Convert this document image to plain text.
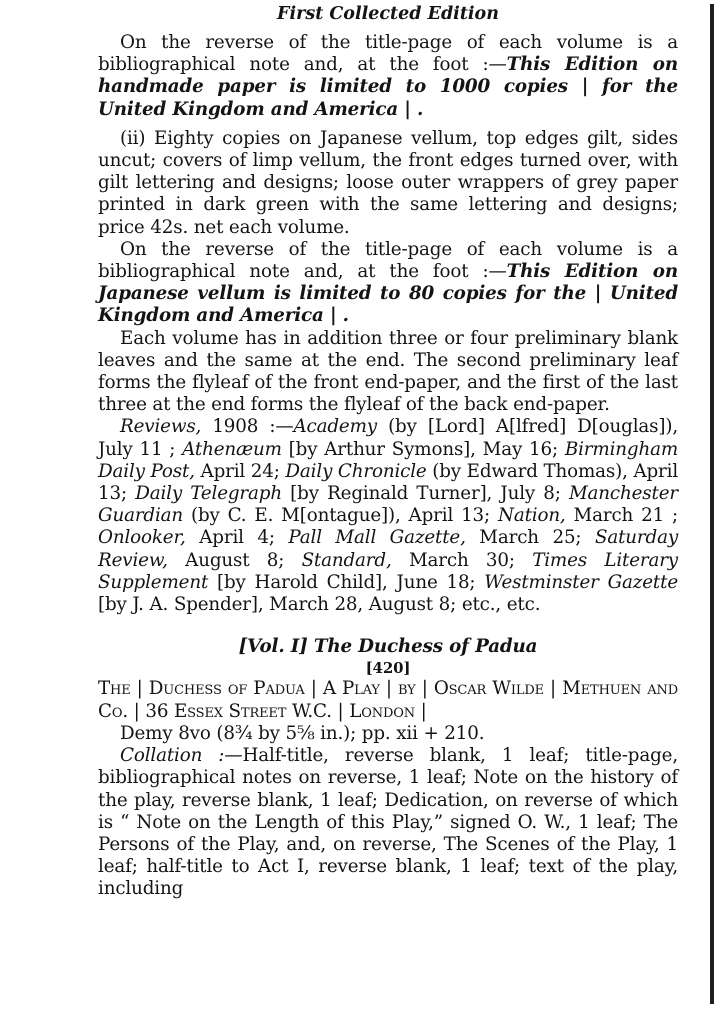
First Collected Edition

On the reverse of the title-page of each volume is a bibliographical note and, at the foot :—This Edition on handmade paper is limited to 1000 copies | for the United Kingdom and America | .

(ii) Eighty copies on Japanese vellum, top edges gilt, sides uncut; covers of limp vellum, the front edges turned over, with gilt lettering and designs; loose outer wrappers of grey paper printed in dark green with the same lettering and designs; price 42s. net each volume.

On the reverse of the title-page of each volume is a bibliographical note and, at the foot :—This Edition on Japanese vellum is limited to 80 copies for the | United Kingdom and America | .

Each volume has in addition three or four preliminary blank leaves and the same at the end. The second preliminary leaf forms the flyleaf of the front end-paper, and the first of the last three at the end forms the flyleaf of the back end-paper.

Reviews, 1908 :—Academy (by [Lord] A[lfred] D[ouglas]), July 11 ; Athenæum [by Arthur Symons], May 16; Birmingham Daily Post, April 24; Daily Chronicle (by Edward Thomas), April 13; Daily Telegraph [by Reginald Turner], July 8; Manchester Guardian (by C. E. M[ontague]), April 13; Nation, March 21 ; Onlooker, April 4; Pall Mall Gazette, March 25; Saturday Review, August 8; Standard, March 30; Times Literary Supplement [by Harold Child], June 18; Westminster Gazette [by J. A. Spender], March 28, August 8; etc., etc.

[Vol. I] The Duchess of Padua

[420]

The | Duchess of Padua | A Play | by | Oscar Wilde | Methuen and Co. | 36 Essex Street W.C. | London |

Demy 8vo (8¾ by 5⅝ in.); pp. xii + 210.

Collation :—Half-title, reverse blank, 1 leaf; title-page, bibliographical notes on reverse, 1 leaf; Note on the history of the play, reverse blank, 1 leaf; Dedication, on reverse of which is “ Note on the Length of this Play,” signed O. W., 1 leaf; The Persons of the Play, and, on reverse, The Scenes of the Play, 1 leaf; half-title to Act I, reverse blank, 1 leaf; text of the play, including
